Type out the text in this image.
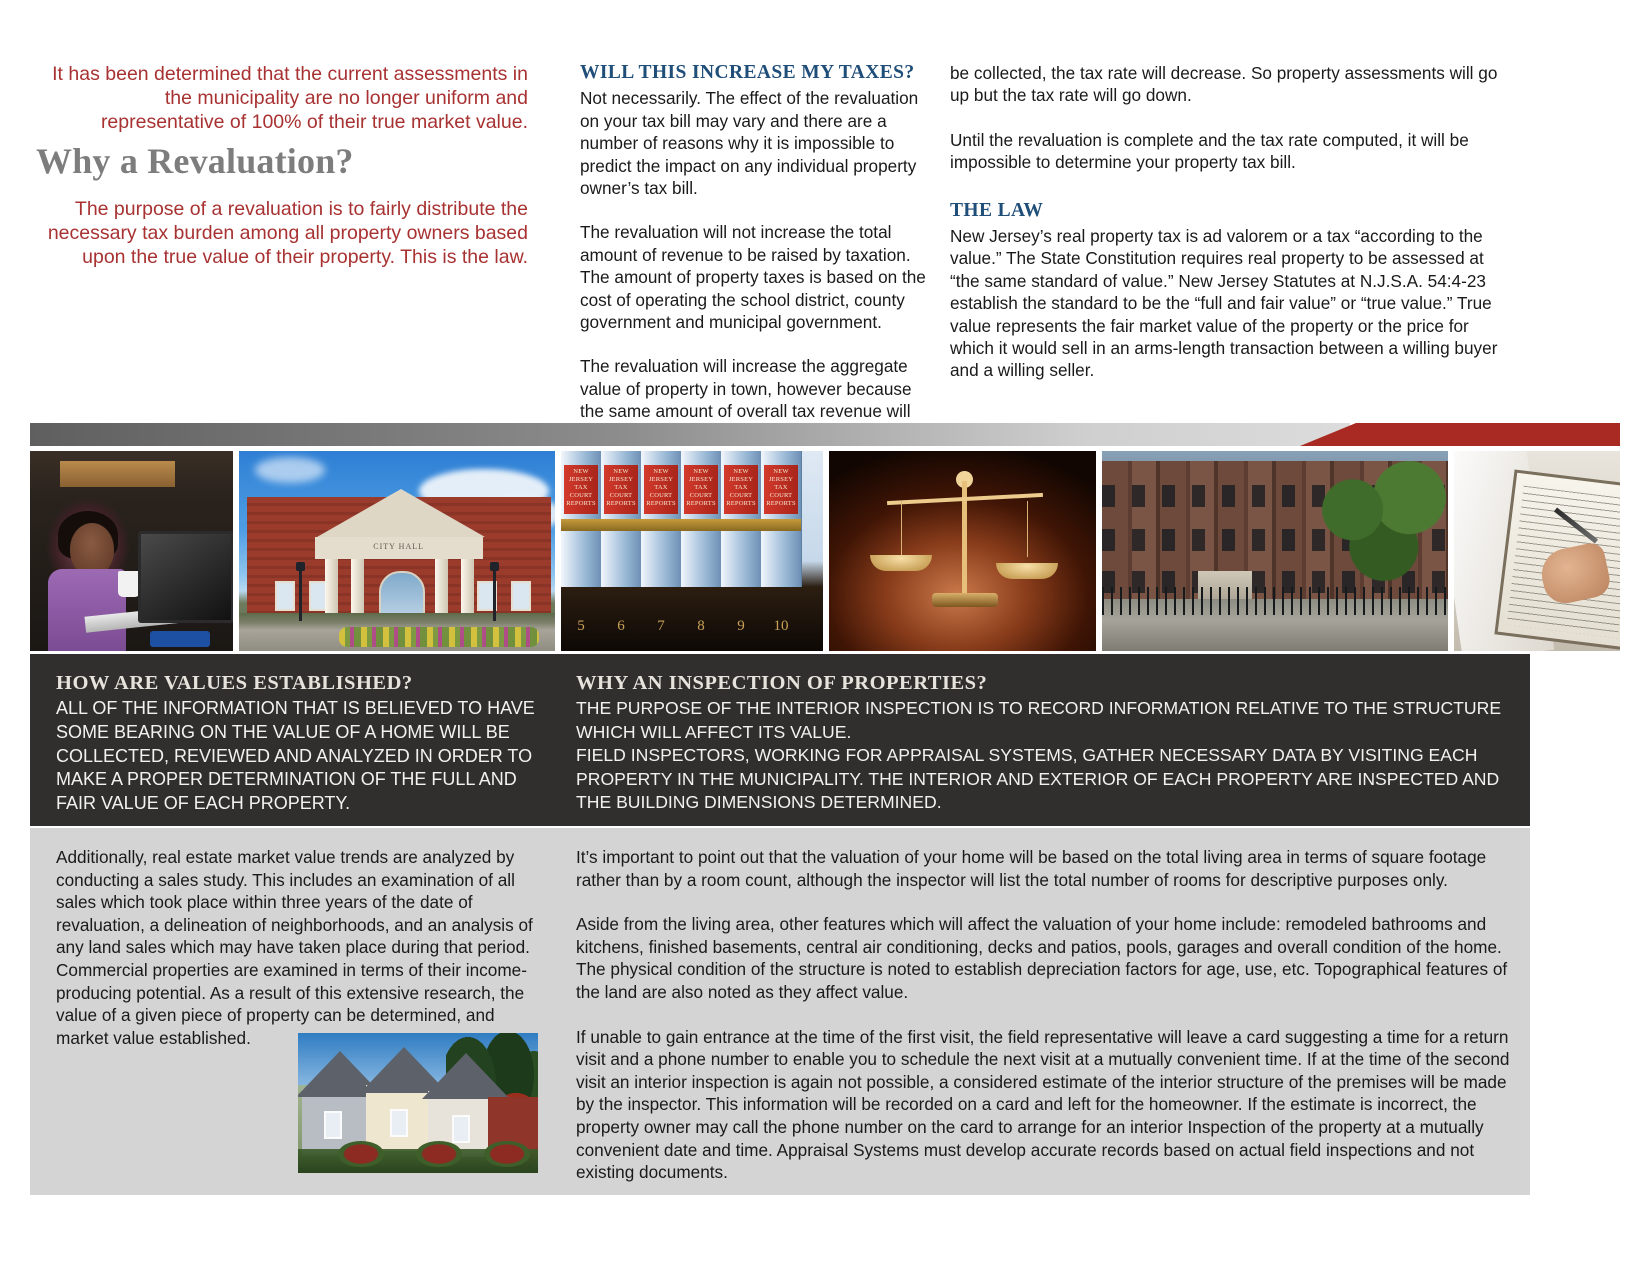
It has been determined that the current assessments in the municipality are no longer uniform and representative of 100% of their true market value.
Why a Revaluation?
The purpose of a revaluation is to fairly distribute the necessary tax burden among all property owners based upon the true value of their property. This is the law.
WILL THIS INCREASE MY TAXES?

Not necessarily. The effect of the revaluation on your tax bill may vary and there are a number of reasons why it is impossible to predict the impact on any individual property owner’s tax bill.

The revaluation will not increase the total amount of revenue to be raised by taxation. The amount of property taxes is based on the cost of operating the school district, county government and municipal government.

The revaluation will increase the aggregate value of property in town, however because the same amount of overall tax revenue will

be collected, the tax rate will decrease. So property assessments will go up but the tax rate will go down.

Until the revaluation is complete and the tax rate computed, it will be impossible to determine your property tax bill.

THE LAW

New Jersey’s real property tax is ad valorem or a tax “according to the value.” The State Constitution requires real property to be assessed at “the same standard of value.” New Jersey Statutes at N.J.S.A. 54:4-23 establish the standard to be the “full and fair value” or “true value.” True value represents the fair market value of the property or the price for which it would sell in an arms-length transaction between a willing buyer and a willing seller.

CITY HALL
NEW JERSEY TAX COURT REPORTS
NEW JERSEY TAX COURT REPORTS
NEW JERSEY TAX COURT REPORTS
NEW JERSEY TAX COURT REPORTS
NEW JERSEY TAX COURT REPORTS
NEW JERSEY TAX COURT REPORTS
5	6	7	8	9	10
HOW ARE VALUES ESTABLISHED?

ALL OF THE INFORMATION THAT IS BELIEVED TO HAVE SOME BEARING ON THE VALUE OF A HOME WILL BE COLLECTED, REVIEWED AND ANALYZED IN ORDER TO MAKE A PROPER DETERMINATION OF THE FULL AND FAIR VALUE OF EACH PROPERTY.

WHY AN INSPECTION OF PROPERTIES?

THE PURPOSE OF THE INTERIOR INSPECTION IS TO RECORD INFORMATION RELATIVE TO THE STRUCTURE WHICH WILL AFFECT ITS VALUE.

FIELD INSPECTORS, WORKING FOR APPRAISAL SYSTEMS, GATHER NECESSARY DATA BY VISITING EACH PROPERTY IN THE MUNICIPALITY. THE INTERIOR AND EXTERIOR OF EACH PROPERTY ARE INSPECTED AND THE BUILDING DIMENSIONS DETERMINED.

Additionally, real estate market value trends are analyzed by conducting a sales study. This includes an examination of all sales which took place within three years of the date of revaluation, a delineation of neighborhoods, and an analysis of any land sales which may have taken place during that period. Commercial properties are examined in terms of their income-producing potential. As a result of this extensive research, the value of a given piece of property can be determined, and

market value established.

It’s important to point out that the valuation of your home will be based on the total living area in terms of square footage rather than by a room count, although the inspector will list the total number of rooms for descriptive purposes only.

Aside from the living area, other features which will affect the valuation of your home include: remodeled bathrooms and kitchens, finished basements, central air conditioning, decks and patios, pools, garages and overall condition of the home. The physical condition of the structure is noted to establish depreciation factors for age, use, etc. Topographical features of the land are also noted as they affect value.

If unable to gain entrance at the time of the first visit, the field representative will leave a card suggesting a time for a return visit and a phone number to enable you to schedule the next visit at a mutually convenient time. If at the time of the second visit an interior inspection is again not possible, a considered estimate of the interior structure of the premises will be made by the inspector. This information will be recorded on a card and left for the homeowner. If the estimate is incorrect, the property owner may call the phone number on the card to arrange for an interior Inspection of the property at a mutually convenient date and time. Appraisal Systems must develop accurate records based on actual field inspections and not existing documents.
